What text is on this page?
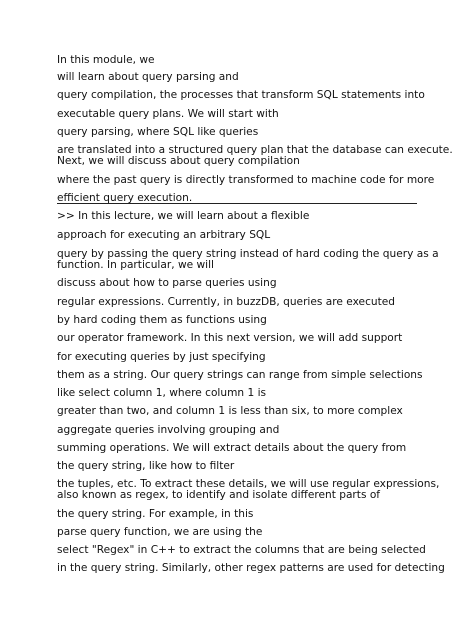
In this module, we

will learn about query parsing and

query compilation, the processes that transform SQL statements into

executable query plans. We will start with

query parsing, where SQL like queries

are translated into a structured query plan that the database can execute.

Next, we will discuss about query compilation

where the past query is directly transformed to machine code for more

efficient query execution.

>> In this lecture, we will learn about a flexible

approach for executing an arbitrary SQL

query by passing the query string instead of hard coding the query as a

function. In particular, we will

discuss about how to parse queries using

regular expressions. Currently, in buzzDB, queries are executed

by hard coding them as functions using

our operator framework. In this next version, we will add support

for executing queries by just specifying

them as a string. Our query strings can range from simple selections

like select column 1, where column 1 is

greater than two, and column 1 is less than six, to more complex

aggregate queries involving grouping and

summing operations. We will extract details about the query from

the query string, like how to filter

the tuples, etc. To extract these details, we will use regular expressions,

also known as regex, to identify and isolate different parts of

the query string. For example, in this

parse query function, we are using the

select "Regex" in C++ to extract the columns that are being selected

in the query string. Similarly, other regex patterns are used for detecting
